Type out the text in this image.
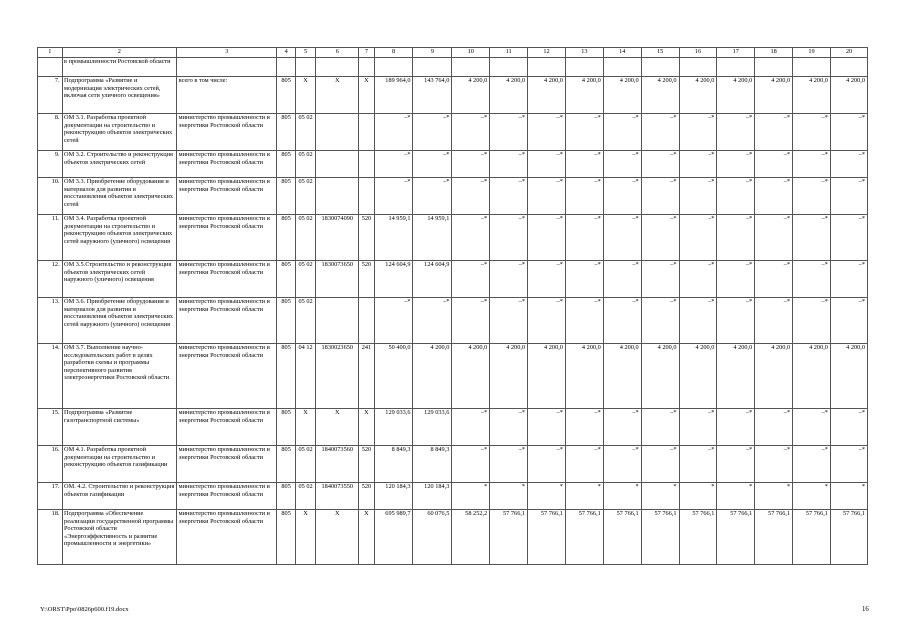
1	2	3	4	5	6	7	8	9	10	11	12	13	14	15	16	17	18	19	20
	в промышленности Ростовской области																		
7.	Подпрограмма «Развитие и модернизация электрических сетей, включая сети уличного освещения»	всего в том числе:	805	Х	Х	Х	189 964,0	143 764,0	4 200,0	4 200,0	4 200,0	4 200,0	4 200,0	4 200,0	4 200,0	4 200,0	4 200,0	4 200,0	4 200,0
8.	ОМ 3.1. Разработка проектной документации на строительство и реконструкцию объектов электрических сетей	министерство промышленности и энергетики Ростовской области	805	05 02			–*	–*	–*	–*	–*	–*	–*	–*	–*	–*	–*	–*	–*
9.	ОМ 3.2. Строительство и реконструкция объектов электрических сетей	министерство промышленности и энергетики Ростовской области	805	05 02			–*	–*	–*	–*	–*	–*	–*	–*	–*	–*	–*	–*	–*
10.	ОМ 3.3. Приобретение оборудования и материалов для развития и восстановления объектов электрических сетей	министерство промышленности и энергетики Ростовской области	805	05 02			–*	–*	–*	–*	–*	–*	–*	–*	–*	–*	–*	–*	–*
11.	ОМ 3.4. Разработка проектной документации на строительство и реконструкцию объектов электрических сетей наружного (уличного) освещения	министерство промышленности и энергетики Ростовской области	805	05 02	1830074090	520	14 959,1	14 959,1	–*	–*	–*	–*	–*	–*	–*	–*	–*	–*	–*
12.	ОМ 3.5.Строительство и реконструкция объектов электрических сетей наружного (уличного) освещения	министерство промышленности и энергетики Ростовской области	805	05 02	1830073650	520	124 604,9	124 604,9	–*	–*	–*	–*	–*	–*	–*	–*	–*	–*	–*
13.	ОМ 3.6. Приобретение оборудования и материалов для развития и восстановления объектов электрических сетей наружного (уличного) освещения	министерство промышленности и энергетики Ростовской области	805	05 02			–*	–*	–*	–*	–*	–*	–*	–*	–*	–*	–*	–*	–*
14.	ОМ 3.7. Выполнение научно-исследовательских работ в целях разработки схемы и программы перспективного развития электроэнергетики Ростовской области	министерство промышленности и энергетики Ростовской области	805	04 12	1830023650	241	50 400,0	4 200,0	4 200,0	4 200,0	4 200,0	4 200,0	4 200,0	4 200,0	4 200,0	4 200,0	4 200,0	4 200,0	4 200,0
15.	Подпрограмма «Развитие газотранспортной системы»	министерство промышленности и энергетики Ростовской области	805	Х	Х	Х	129 033,6	129 033,6	–*	–*	–*	–*	–*	–*	–*	–*	–*	–*	–*
16.	ОМ 4.1. Разработка проектной документации на строительство и реконструкцию объектов газификации	министерство промышленности и энергетики Ростовской области	805	05 02	1840073560	520	8 849,3	8 849,3	–*	–*	–*	–*	–*	–*	–*	–*	–*	–*	–*
17.	ОМ. 4.2. Строительство и реконструкция объектов газификации	министерство промышленности и энергетики Ростовской области	805	05 02	1840073550	520	120 184,3	120 184,3	*	*	*	*	*	*	*	*	*	*	*
18.	Подпрограмма «Обеспечение реализации государственной программы Ростовской области «Энергоэффективность и развитие промышленности и энергетики»	министерство промышленности и энергетики Ростовской области	805	Х	Х	Х	695 989,7	60 076,5	58 252,2	57 766,1	57 766,1	57 766,1	57 766,1	57 766,1	57 766,1	57 766,1	57 766,1	57 766,1	57 766,1
Y:\ORST\Ppo\0826p600.f19.docx	16
